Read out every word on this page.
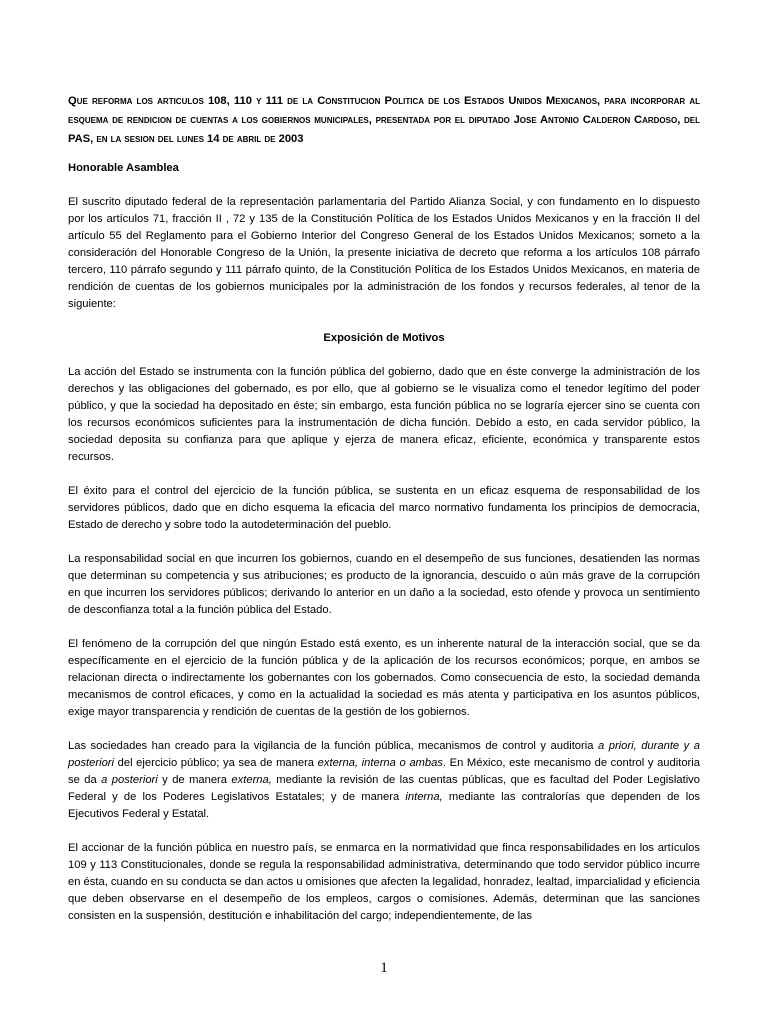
Que reforma los articulos 108, 110 y 111 de la Constitucion Politica de los Estados Unidos Mexicanos, para incorporar al esquema de rendicion de cuentas a los gobiernos municipales, presentada por el diputado Jose Antonio Calderon Cardoso, del PAS, en la sesion del lunes 14 de abril de 2003

Honorable Asamblea

El suscrito diputado federal de la representación parlamentaria del Partido Alianza Social, y con fundamento en lo dispuesto por los artículos 71, fracción II , 72 y 135 de la Constitución Política de los Estados Unidos Mexicanos y en la fracción II del artículo 55 del Reglamento para el Gobierno Interior del Congreso General de los Estados Unidos Mexicanos; someto a la consideración del Honorable Congreso de la Unión, la presente iniciativa de decreto que reforma a los artículos 108 párrafo tercero, 110 párrafo segundo y 111 párrafo quinto, de la Constitución Política de los Estados Unidos Mexicanos, en materia de rendición de cuentas de los gobiernos municipales por la administración de los fondos y recursos federales, al tenor de la siguiente:

Exposición de Motivos

La acción del Estado se instrumenta con la función pública del gobierno, dado que en éste converge la administración de los derechos y las obligaciones del gobernado, es por ello, que al gobierno se le visualiza como el tenedor legítimo del poder público, y que la sociedad ha depositado en éste; sin embargo, esta función pública no se lograría ejercer sino se cuenta con los recursos económicos suficientes para la instrumentación de dicha función. Debido a esto, en cada servidor público, la sociedad deposita su confianza para que aplique y ejerza de manera eficaz, eficiente, económica y transparente estos recursos.

El éxito para el control del ejercicio de la función pública, se sustenta en un eficaz esquema de responsabilidad de los servidores públicos, dado que en dicho esquema la eficacia del marco normativo fundamenta los principios de democracia, Estado de derecho y sobre todo la autodeterminación del pueblo.

La responsabilidad social en que incurren los gobiernos, cuando en el desempeño de sus funciones, desatienden las normas que determinan su competencia y sus atribuciones; es producto de la ignorancia, descuido o aún más grave de la corrupción en que incurren los servidores públicos; derivando lo anterior en un daño a la sociedad, esto ofende y provoca un sentimiento de desconfianza total a la función pública del Estado.

El fenómeno de la corrupción del que ningún Estado está exento, es un inherente natural de la interacción social, que se da específicamente en el ejercicio de la función pública y de la aplicación de los recursos económicos; porque, en ambos se relacionan directa o indirectamente los gobernantes con los gobernados. Como consecuencia de esto, la sociedad demanda mecanismos de control eficaces, y como en la actualidad la sociedad es más atenta y participativa en los asuntos públicos, exige mayor transparencia y rendición de cuentas de la gestión de los gobiernos.

Las sociedades han creado para la vigilancia de la función pública, mecanismos de control y auditoria a priori, durante y a posteriori del ejercicio público; ya sea de manera externa, interna o ambas. En México, este mecanismo de control y auditoria se da a posteriori y de manera externa, mediante la revisión de las cuentas públicas, que es facultad del Poder Legislativo Federal y de los Poderes Legislativos Estatales; y de manera interna, mediante las contralorías que dependen de los Ejecutivos Federal y Estatal.

El accionar de la función pública en nuestro país, se enmarca en la normatividad que finca responsabilidades en los artículos 109 y 113 Constitucionales, donde se regula la responsabilidad administrativa, determinando que todo servidor público incurre en ésta, cuando en su conducta se dan actos u omisiones que afecten la legalidad, honradez, lealtad, imparcialidad y eficiencia que deben observarse en el desempeño de los empleos, cargos o comisiones. Además, determinan que las sanciones consisten en la suspensión, destitución e inhabilitación del cargo; independientemente, de las

1
